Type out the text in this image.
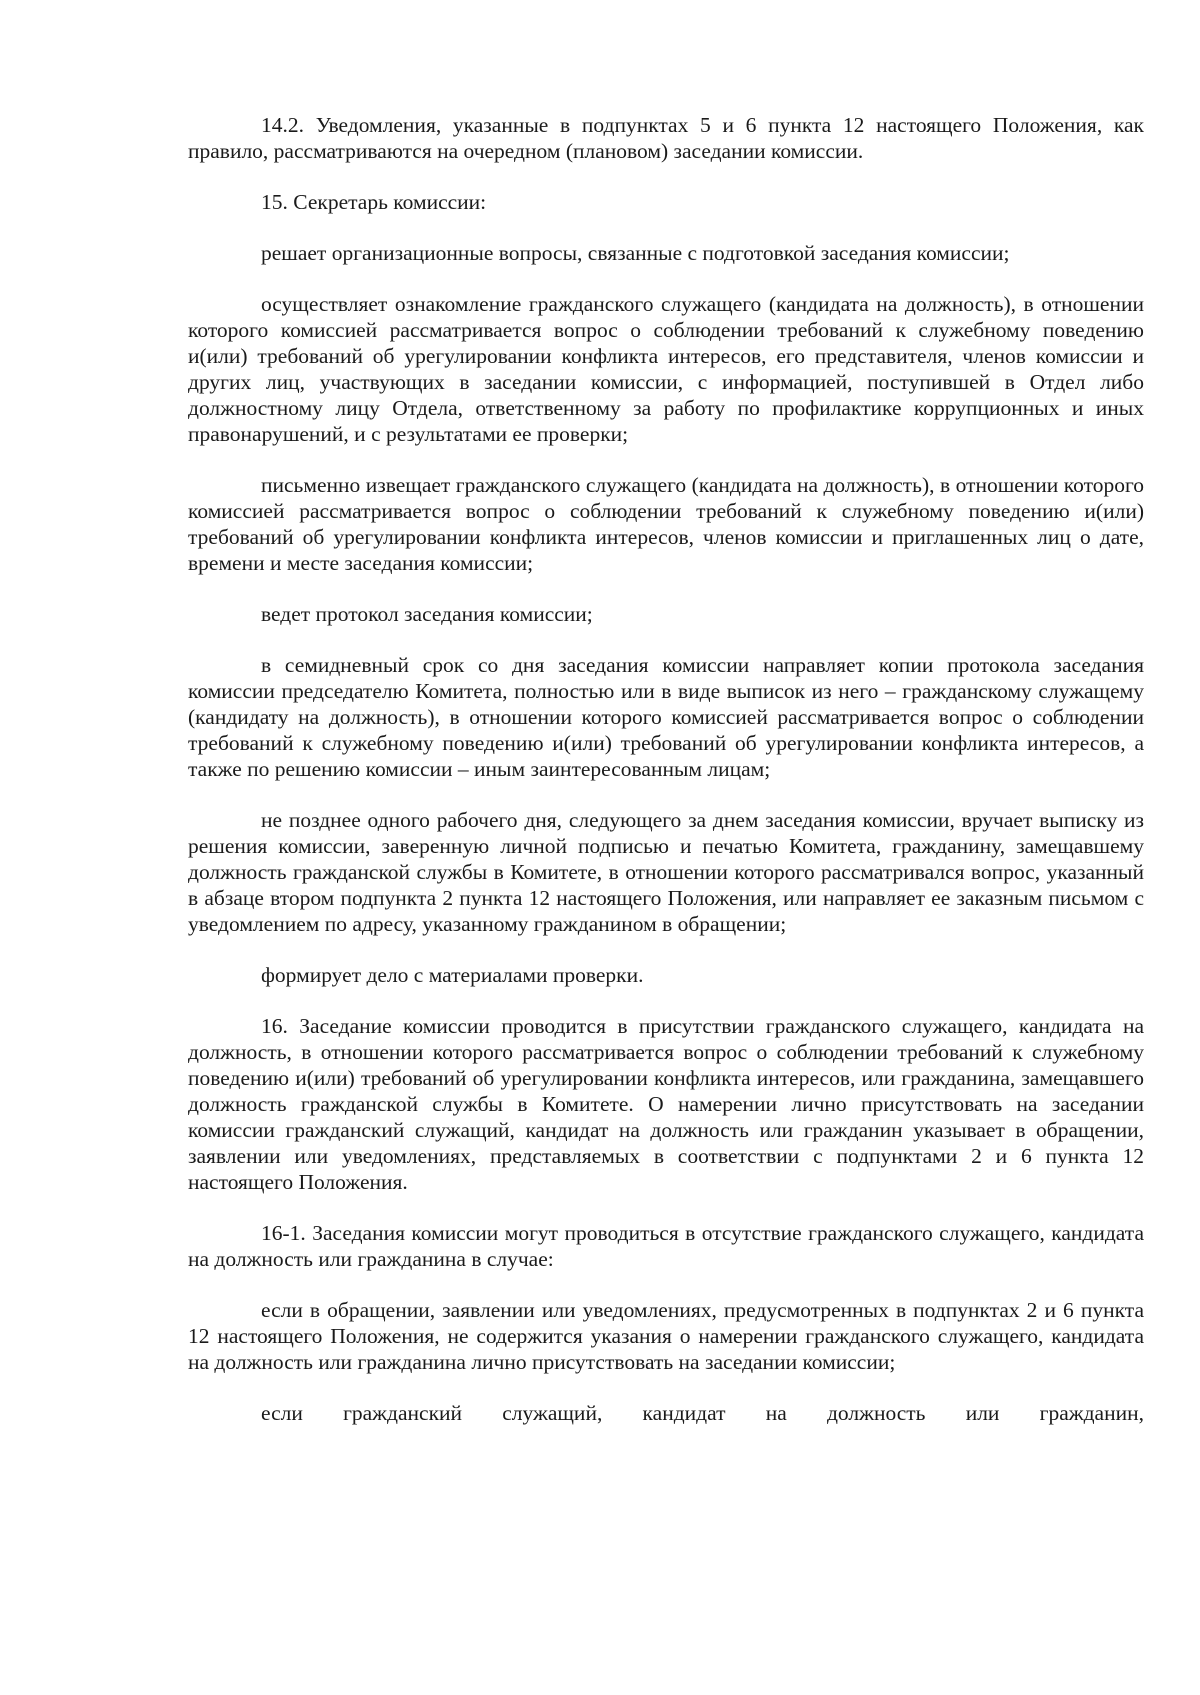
14.2. Уведомления, указанные в подпунктах 5 и 6 пункта 12 настоящего Положения, как правило, рассматриваются на очередном (плановом) заседании комиссии.

15. Секретарь комиссии:

решает организационные вопросы, связанные с подготовкой заседания комиссии;

осуществляет ознакомление гражданского служащего (кандидата на должность), в отношении которого комиссией рассматривается вопрос о соблюдении требований к служебному поведению и(или) требований об урегулировании конфликта интересов, его представителя, членов комиссии и других лиц, участвующих в заседании комиссии, с информацией, поступившей в Отдел либо должностному лицу Отдела, ответственному за работу по профилактике коррупционных и иных правонарушений, и с результатами ее проверки;

письменно извещает гражданского служащего (кандидата на должность), в отношении которого комиссией рассматривается вопрос о соблюдении требований к служебному поведению и(или) требований об урегулировании конфликта интересов, членов комиссии и приглашенных лиц о дате, времени и месте заседания комиссии;

ведет протокол заседания комиссии;

в семидневный срок со дня заседания комиссии направляет копии протокола заседания комиссии председателю Комитета, полностью или в виде выписок из него – гражданскому служащему (кандидату на должность), в отношении которого комиссией рассматривается вопрос о соблюдении требований к служебному поведению и(или) требований об урегулировании конфликта интересов, а также по решению комиссии – иным заинтересованным лицам;

не позднее одного рабочего дня, следующего за днем заседания комиссии, вручает выписку из решения комиссии, заверенную личной подписью и печатью Комитета, гражданину, замещавшему должность гражданской службы в Комитете, в отношении которого рассматривался вопрос, указанный в абзаце втором подпункта 2 пункта 12 настоящего Положения, или направляет ее заказным письмом с уведомлением по адресу, указанному гражданином в обращении;

формирует дело с материалами проверки.

16. Заседание комиссии проводится в присутствии гражданского служащего, кандидата на должность, в отношении которого рассматривается вопрос о соблюдении требований к служебному поведению и(или) требований об урегулировании конфликта интересов, или гражданина, замещавшего должность гражданской службы в Комитете. О намерении лично присутствовать на заседании комиссии гражданский служащий, кандидат на должность или гражданин указывает в обращении, заявлении или уведомлениях, представляемых в соответствии с подпунктами 2 и 6 пункта 12 настоящего Положения.

16-1. Заседания комиссии могут проводиться в отсутствие гражданского служащего, кандидата на должность или гражданина в случае:

если в обращении, заявлении или уведомлениях, предусмотренных в подпунктах 2 и 6 пункта 12 настоящего Положения, не содержится указания о намерении гражданского служащего, кандидата на должность или гражданина лично присутствовать на заседании комиссии;

если гражданский служащий, кандидат на должность или гражданин,
